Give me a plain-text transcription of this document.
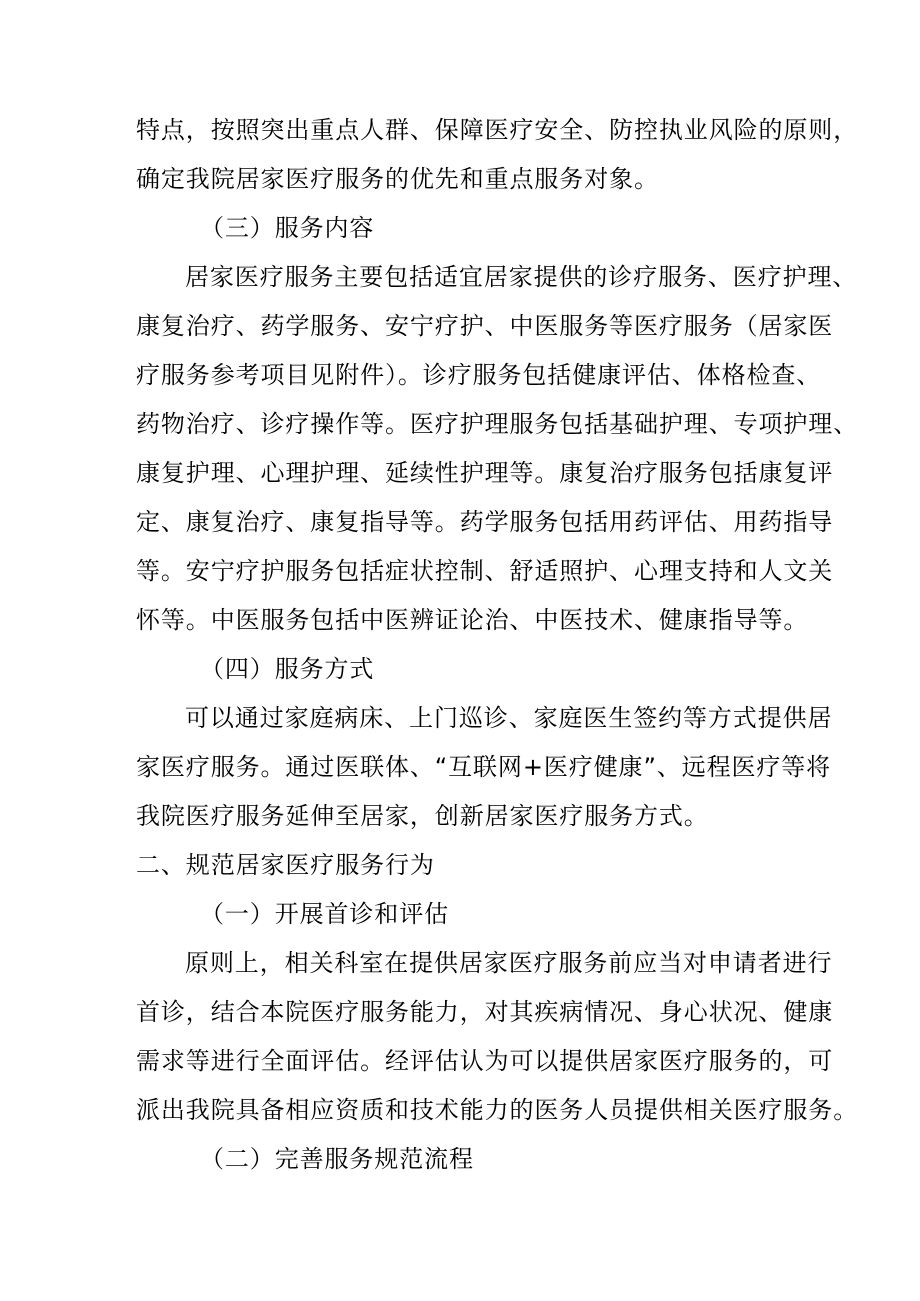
特点，按照突出重点人群、保障医疗安全、防控执业风险的原则，
确定我院居家医疗服务的优先和重点服务对象。
（三）服务内容
居家医疗服务主要包括适宜居家提供的诊疗服务、医疗护理、
康复治疗、药学服务、安宁疗护、中医服务等医疗服务（居家医
疗服务参考项目见附件）。诊疗服务包括健康评估、体格检查、
药物治疗、诊疗操作等。医疗护理服务包括基础护理、专项护理、
康复护理、心理护理、延续性护理等。康复治疗服务包括康复评
定、康复治疗、康复指导等。药学服务包括用药评估、用药指导
等。安宁疗护服务包括症状控制、舒适照护、心理支持和人文关
怀等。中医服务包括中医辨证论治、中医技术、健康指导等。
（四）服务方式
可以通过家庭病床、上门巡诊、家庭医生签约等方式提供居
家医疗服务。通过医联体、“互联网+医疗健康”、远程医疗等将
我院医疗服务延伸至居家，创新居家医疗服务方式。
二、规范居家医疗服务行为
（一）开展首诊和评估
原则上，相关科室在提供居家医疗服务前应当对申请者进行
首诊，结合本院医疗服务能力，对其疾病情况、身心状况、健康
需求等进行全面评估。经评估认为可以提供居家医疗服务的，可
派出我院具备相应资质和技术能力的医务人员提供相关医疗服务。
（二）完善服务规范流程
